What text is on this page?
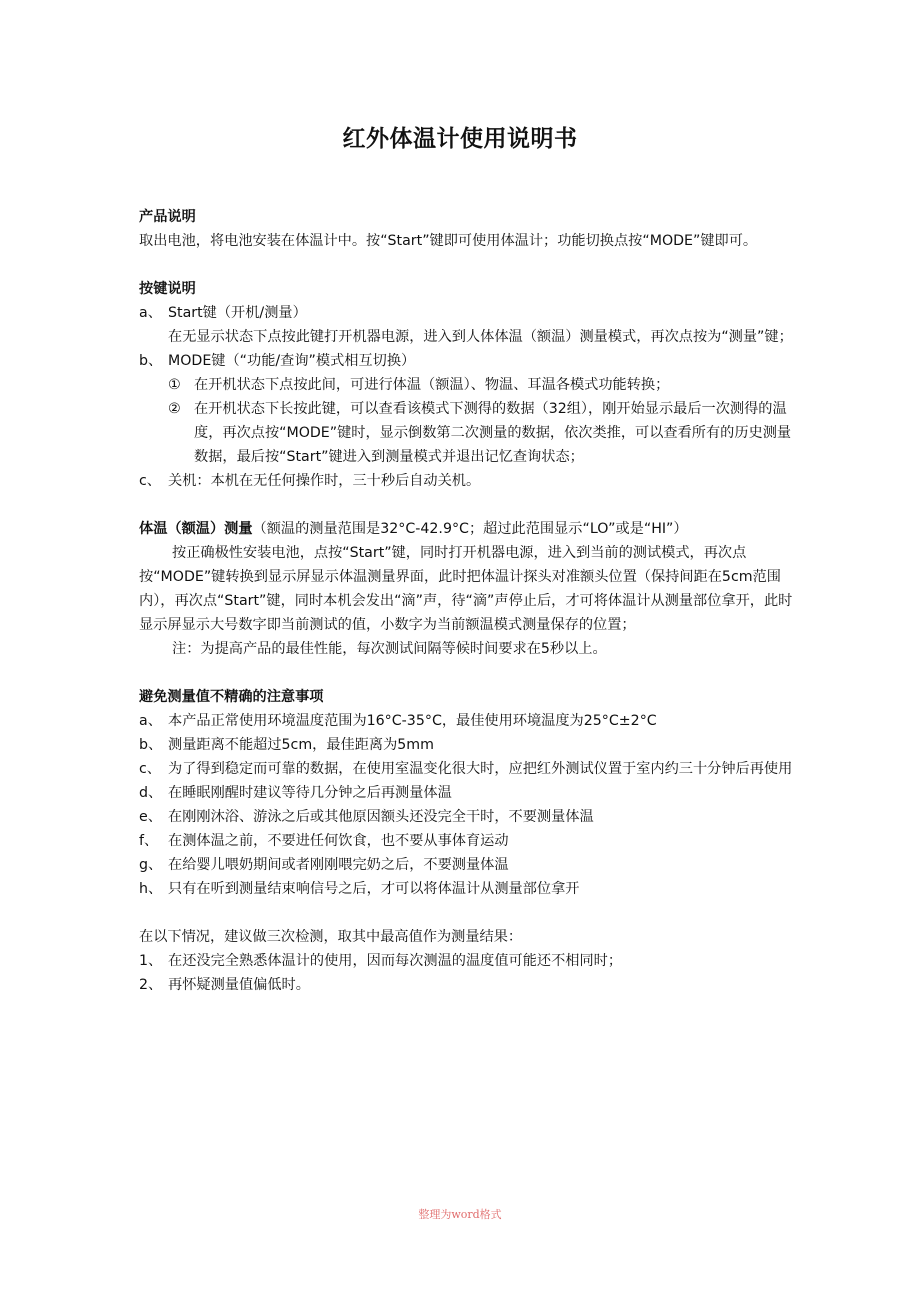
红外体温计使用说明书

产品说明

取出电池，将电池安装在体温计中。按“Start”键即可使用体温计；功能切换点按“MODE”键即可。

按键说明

a、 Start键（开机/测量）

在无显示状态下点按此键打开机器电源，进入到人体体温（额温）测量模式，再次点按为“测量”键；

b、 MODE键（“功能/查询”模式相互切换）
① 在开机状态下点按此间，可进行体温（额温）、物温、耳温各模式功能转换；
② 在开机状态下长按此键，可以查看该模式下测得的数据（32组），刚开始显示最后一次测得的温度，再次点按“MODE”键时，显示倒数第二次测量的数据，依次类推，可以查看所有的历史测量数据，最后按“Start”键进入到测量模式并退出记忆查询状态；
c、 关机：本机在无任何操作时，三十秒后自动关机。

体温（额温）测量（额温的测量范围是32°C-42.9°C；超过此范围显示“LO”或是“HI”）

按正确极性安装电池，点按“Start”键，同时打开机器电源，进入到当前的测试模式，再次点按“MODE”键转换到显示屏显示体温测量界面，此时把体温计探头对准额头位置（保持间距在5cm范围内），再次点“Start”键，同时本机会发出“滴”声，待“滴”声停止后，才可将体温计从测量部位拿开，此时显示屏显示大号数字即当前测试的值，小数字为当前额温模式测量保存的位置；

注：为提高产品的最佳性能，每次测试间隔等候时间要求在5秒以上。

避免测量值不精确的注意事项

a、 本产品正常使用环境温度范围为16°C-35°C，最佳使用环境温度为25°C±2°C
b、 测量距离不能超过5cm，最佳距离为5mm
c、 为了得到稳定而可靠的数据，在使用室温变化很大时，应把红外测试仪置于室内约三十分钟后再使用
d、 在睡眠刚醒时建议等待几分钟之后再测量体温
e、 在刚刚沐浴、游泳之后或其他原因额头还没完全干时，不要测量体温
f、 在测体温之前，不要进任何饮食，也不要从事体育运动
g、 在给婴儿喂奶期间或者刚刚喂完奶之后，不要测量体温
h、 只有在听到测量结束响信号之后，才可以将体温计从测量部位拿开

在以下情况，建议做三次检测，取其中最高值作为测量结果：

1、 在还没完全熟悉体温计的使用，因而每次测温的温度值可能还不相同时；
2、 再怀疑测量值偏低时。
整理为word格式
